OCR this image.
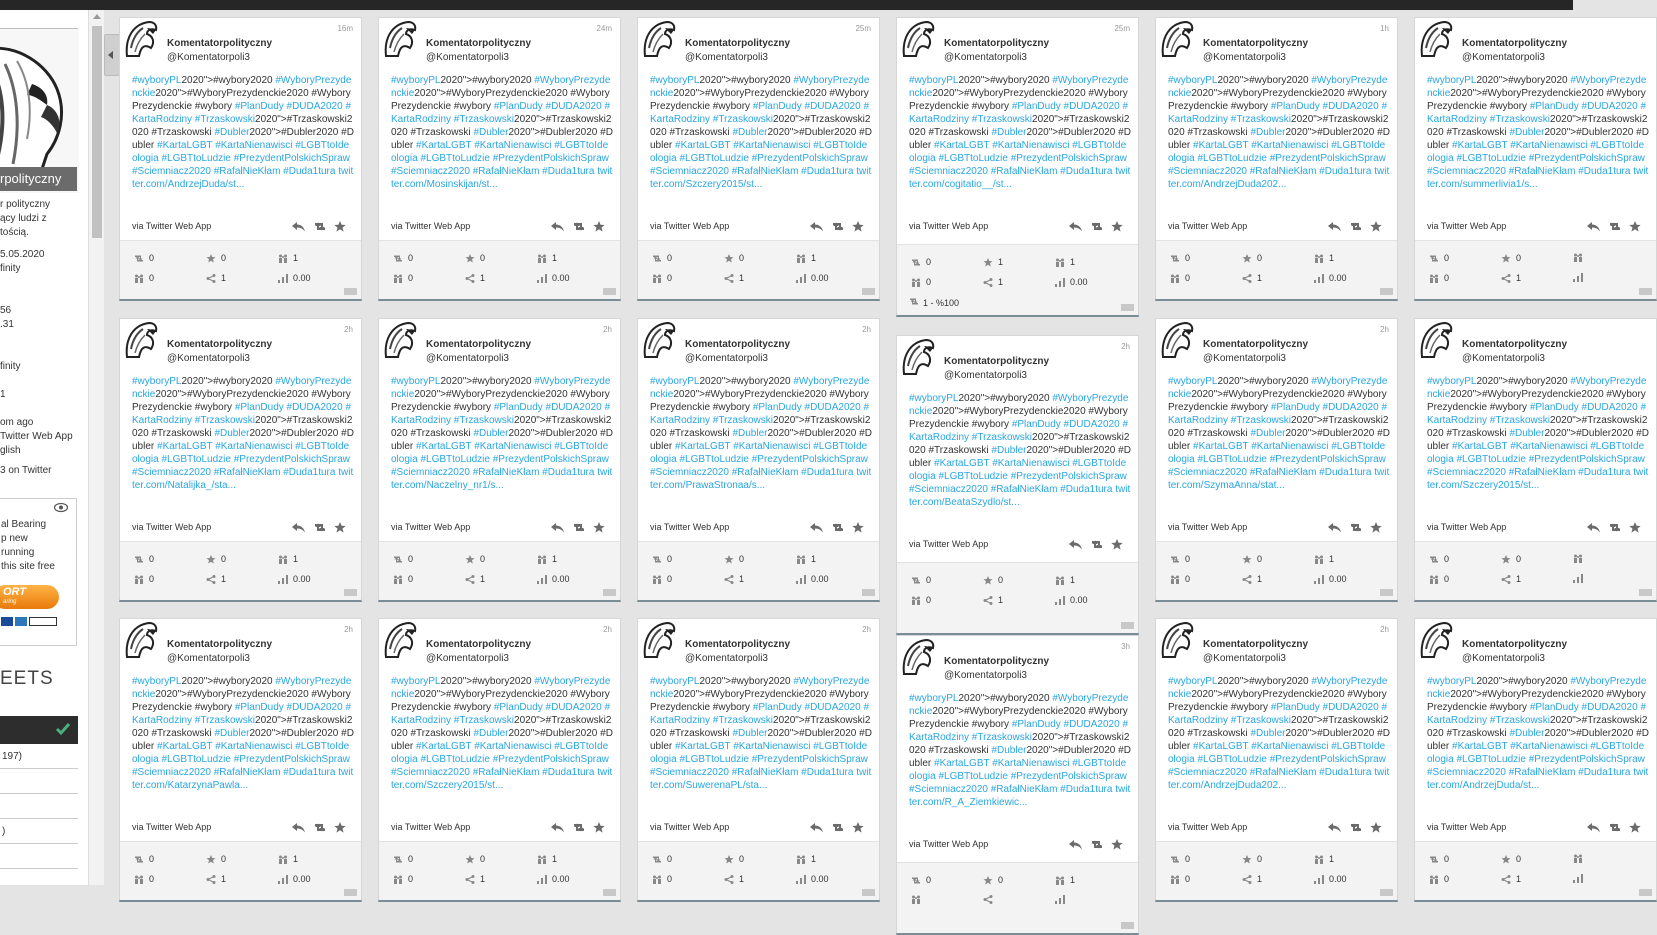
rpolityczny
r polityczny
ący ludzi z
tością.
5.05.2020
finity
56
.31
finity
1
om ago
Twitter Web App
glish
3 on Twitter
al Bearing
p new
running
this site free
ORT
aring
EETS
197)
)
Komentatorpolityczny
@Komentatorpoli3
16m
#wyboryPL2020">#wybory2020 #WyboryPrezydenckie2020">#WyboryPrezydenckie2020 #WyboryPrezydenckie #wybory #PlanDudy #DUDA2020 #KartaRodziny #Trzaskowski2020">#Trzaskowski2020 #Trzaskowski #Dubler2020">#Dubler2020 #Dubler #KartaLGBT #KartaNienawisci #LGBTtoIdeologia #LGBTtoLudzie #PrezydentPolskichSpraw #Sciemniacz2020 #RafałNieKłam #Duda1tura twitter.com/AndrzejDuda/st...
via Twitter Web App
0	0	1
0	1	0.00
Komentatorpolityczny
@Komentatorpoli3
24m
#wyboryPL2020">#wybory2020 #WyboryPrezydenckie2020">#WyboryPrezydenckie2020 #WyboryPrezydenckie #wybory #PlanDudy #DUDA2020 #KartaRodziny #Trzaskowski2020">#Trzaskowski2020 #Trzaskowski #Dubler2020">#Dubler2020 #Dubler #KartaLGBT #KartaNienawisci #LGBTtoIdeologia #LGBTtoLudzie #PrezydentPolskichSpraw #Sciemniacz2020 #RafałNieKłam #Duda1tura twitter.com/Mosinskijan/st...
via Twitter Web App
0	0	1
0	1	0.00
Komentatorpolityczny
@Komentatorpoli3
25m
#wyboryPL2020">#wybory2020 #WyboryPrezydenckie2020">#WyboryPrezydenckie2020 #WyboryPrezydenckie #wybory #PlanDudy #DUDA2020 #KartaRodziny #Trzaskowski2020">#Trzaskowski2020 #Trzaskowski #Dubler2020">#Dubler2020 #Dubler #KartaLGBT #KartaNienawisci #LGBTtoIdeologia #LGBTtoLudzie #PrezydentPolskichSpraw #Sciemniacz2020 #RafałNieKłam #Duda1tura twitter.com/Szczery2015/st...
via Twitter Web App
0	0	1
0	1	0.00
Komentatorpolityczny
@Komentatorpoli3
25m
#wyboryPL2020">#wybory2020 #WyboryPrezydenckie2020">#WyboryPrezydenckie2020 #WyboryPrezydenckie #wybory #PlanDudy #DUDA2020 #KartaRodziny #Trzaskowski2020">#Trzaskowski2020 #Trzaskowski #Dubler2020">#Dubler2020 #Dubler #KartaLGBT #KartaNienawisci #LGBTtoIdeologia #LGBTtoLudzie #PrezydentPolskichSpraw #Sciemniacz2020 #RafałNieKłam #Duda1tura twitter.com/cogitatio__/st...
via Twitter Web App
0	1	1
0	1	0.00
1 - %100
Komentatorpolityczny
@Komentatorpoli3
1h
#wyboryPL2020">#wybory2020 #WyboryPrezydenckie2020">#WyboryPrezydenckie2020 #WyboryPrezydenckie #wybory #PlanDudy #DUDA2020 #KartaRodziny #Trzaskowski2020">#Trzaskowski2020 #Trzaskowski #Dubler2020">#Dubler2020 #Dubler #KartaLGBT #KartaNienawisci #LGBTtoIdeologia #LGBTtoLudzie #PrezydentPolskichSpraw #Sciemniacz2020 #RafałNieKłam #Duda1tura twitter.com/AndrzejDuda202...
via Twitter Web App
0	0	1
0	1	0.00
Komentatorpolityczny
@Komentatorpoli3
#wyboryPL2020">#wybory2020 #WyboryPrezydenckie2020">#WyboryPrezydenckie2020 #WyboryPrezydenckie #wybory #PlanDudy #DUDA2020 #KartaRodziny #Trzaskowski2020">#Trzaskowski2020 #Trzaskowski #Dubler2020">#Dubler2020 #Dubler #KartaLGBT #KartaNienawisci #LGBTtoIdeologia #LGBTtoLudzie #PrezydentPolskichSpraw #Sciemniacz2020 #RafałNieKłam #Duda1tura twitter.com/summerlivia1/s...
via Twitter Web App
0	0
0	1
Komentatorpolityczny
@Komentatorpoli3
2h
#wyboryPL2020">#wybory2020 #WyboryPrezydenckie2020">#WyboryPrezydenckie2020 #WyboryPrezydenckie #wybory #PlanDudy #DUDA2020 #KartaRodziny #Trzaskowski2020">#Trzaskowski2020 #Trzaskowski #Dubler2020">#Dubler2020 #Dubler #KartaLGBT #KartaNienawisci #LGBTtoIdeologia #LGBTtoLudzie #PrezydentPolskichSpraw #Sciemniacz2020 #RafałNieKłam #Duda1tura twitter.com/Natalijka_/sta...
via Twitter Web App
0	0	1
0	1	0.00
Komentatorpolityczny
@Komentatorpoli3
2h
#wyboryPL2020">#wybory2020 #WyboryPrezydenckie2020">#WyboryPrezydenckie2020 #WyboryPrezydenckie #wybory #PlanDudy #DUDA2020 #KartaRodziny #Trzaskowski2020">#Trzaskowski2020 #Trzaskowski #Dubler2020">#Dubler2020 #Dubler #KartaLGBT #KartaNienawisci #LGBTtoIdeologia #LGBTtoLudzie #PrezydentPolskichSpraw #Sciemniacz2020 #RafałNieKłam #Duda1tura twitter.com/Naczelny_nr1/s...
via Twitter Web App
0	0	1
0	1	0.00
Komentatorpolityczny
@Komentatorpoli3
2h
#wyboryPL2020">#wybory2020 #WyboryPrezydenckie2020">#WyboryPrezydenckie2020 #WyboryPrezydenckie #wybory #PlanDudy #DUDA2020 #KartaRodziny #Trzaskowski2020">#Trzaskowski2020 #Trzaskowski #Dubler2020">#Dubler2020 #Dubler #KartaLGBT #KartaNienawisci #LGBTtoIdeologia #LGBTtoLudzie #PrezydentPolskichSpraw #Sciemniacz2020 #RafałNieKłam #Duda1tura twitter.com/PrawaStronaa/s...
via Twitter Web App
0	0	1
0	1	0.00
Komentatorpolityczny
@Komentatorpoli3
2h
#wyboryPL2020">#wybory2020 #WyboryPrezydenckie2020">#WyboryPrezydenckie2020 #WyboryPrezydenckie #wybory #PlanDudy #DUDA2020 #KartaRodziny #Trzaskowski2020">#Trzaskowski2020 #Trzaskowski #Dubler2020">#Dubler2020 #Dubler #KartaLGBT #KartaNienawisci #LGBTtoIdeologia #LGBTtoLudzie #PrezydentPolskichSpraw #Sciemniacz2020 #RafałNieKłam #Duda1tura twitter.com/BeataSzydlo/st...
via Twitter Web App
0	0	1
0	1	0.00
Komentatorpolityczny
@Komentatorpoli3
2h
#wyboryPL2020">#wybory2020 #WyboryPrezydenckie2020">#WyboryPrezydenckie2020 #WyboryPrezydenckie #wybory #PlanDudy #DUDA2020 #KartaRodziny #Trzaskowski2020">#Trzaskowski2020 #Trzaskowski #Dubler2020">#Dubler2020 #Dubler #KartaLGBT #KartaNienawisci #LGBTtoIdeologia #LGBTtoLudzie #PrezydentPolskichSpraw #Sciemniacz2020 #RafałNieKłam #Duda1tura twitter.com/SzymaAnna/stat...
via Twitter Web App
0	0	1
0	1	0.00
Komentatorpolityczny
@Komentatorpoli3
#wyboryPL2020">#wybory2020 #WyboryPrezydenckie2020">#WyboryPrezydenckie2020 #WyboryPrezydenckie #wybory #PlanDudy #DUDA2020 #KartaRodziny #Trzaskowski2020">#Trzaskowski2020 #Trzaskowski #Dubler2020">#Dubler2020 #Dubler #KartaLGBT #KartaNienawisci #LGBTtoIdeologia #LGBTtoLudzie #PrezydentPolskichSpraw #Sciemniacz2020 #RafałNieKłam #Duda1tura twitter.com/Szczery2015/st...
via Twitter Web App
0	0
0	1
Komentatorpolityczny
@Komentatorpoli3
2h
#wyboryPL2020">#wybory2020 #WyboryPrezydenckie2020">#WyboryPrezydenckie2020 #WyboryPrezydenckie #wybory #PlanDudy #DUDA2020 #KartaRodziny #Trzaskowski2020">#Trzaskowski2020 #Trzaskowski #Dubler2020">#Dubler2020 #Dubler #KartaLGBT #KartaNienawisci #LGBTtoIdeologia #LGBTtoLudzie #PrezydentPolskichSpraw #Sciemniacz2020 #RafałNieKłam #Duda1tura twitter.com/KatarzynaPawla...
via Twitter Web App
0	0	1
0	1	0.00
Komentatorpolityczny
@Komentatorpoli3
2h
#wyboryPL2020">#wybory2020 #WyboryPrezydenckie2020">#WyboryPrezydenckie2020 #WyboryPrezydenckie #wybory #PlanDudy #DUDA2020 #KartaRodziny #Trzaskowski2020">#Trzaskowski2020 #Trzaskowski #Dubler2020">#Dubler2020 #Dubler #KartaLGBT #KartaNienawisci #LGBTtoIdeologia #LGBTtoLudzie #PrezydentPolskichSpraw #Sciemniacz2020 #RafałNieKłam #Duda1tura twitter.com/Szczery2015/st...
via Twitter Web App
0	0	1
0	1	0.00
Komentatorpolityczny
@Komentatorpoli3
2h
#wyboryPL2020">#wybory2020 #WyboryPrezydenckie2020">#WyboryPrezydenckie2020 #WyboryPrezydenckie #wybory #PlanDudy #DUDA2020 #KartaRodziny #Trzaskowski2020">#Trzaskowski2020 #Trzaskowski #Dubler2020">#Dubler2020 #Dubler #KartaLGBT #KartaNienawisci #LGBTtoIdeologia #LGBTtoLudzie #PrezydentPolskichSpraw #Sciemniacz2020 #RafałNieKłam #Duda1tura twitter.com/SuwerenaPL/sta...
via Twitter Web App
0	0	1
0	1	0.00
Komentatorpolityczny
@Komentatorpoli3
3h
#wyboryPL2020">#wybory2020 #WyboryPrezydenckie2020">#WyboryPrezydenckie2020 #WyboryPrezydenckie #wybory #PlanDudy #DUDA2020 #KartaRodziny #Trzaskowski2020">#Trzaskowski2020 #Trzaskowski #Dubler2020">#Dubler2020 #Dubler #KartaLGBT #KartaNienawisci #LGBTtoIdeologia #LGBTtoLudzie #PrezydentPolskichSpraw #Sciemniacz2020 #RafałNieKłam #Duda1tura twitter.com/R_A_Ziemkiewic...
via Twitter Web App
0	0	1
Komentatorpolityczny
@Komentatorpoli3
2h
#wyboryPL2020">#wybory2020 #WyboryPrezydenckie2020">#WyboryPrezydenckie2020 #WyboryPrezydenckie #wybory #PlanDudy #DUDA2020 #KartaRodziny #Trzaskowski2020">#Trzaskowski2020 #Trzaskowski #Dubler2020">#Dubler2020 #Dubler #KartaLGBT #KartaNienawisci #LGBTtoIdeologia #LGBTtoLudzie #PrezydentPolskichSpraw #Sciemniacz2020 #RafałNieKłam #Duda1tura twitter.com/AndrzejDuda202...
via Twitter Web App
0	0	1
0	1	0.00
Komentatorpolityczny
@Komentatorpoli3
#wyboryPL2020">#wybory2020 #WyboryPrezydenckie2020">#WyboryPrezydenckie2020 #WyboryPrezydenckie #wybory #PlanDudy #DUDA2020 #KartaRodziny #Trzaskowski2020">#Trzaskowski2020 #Trzaskowski #Dubler2020">#Dubler2020 #Dubler #KartaLGBT #KartaNienawisci #LGBTtoIdeologia #LGBTtoLudzie #PrezydentPolskichSpraw #Sciemniacz2020 #RafałNieKłam #Duda1tura twitter.com/AndrzejDuda/st...
via Twitter Web App
0	0
0	1
